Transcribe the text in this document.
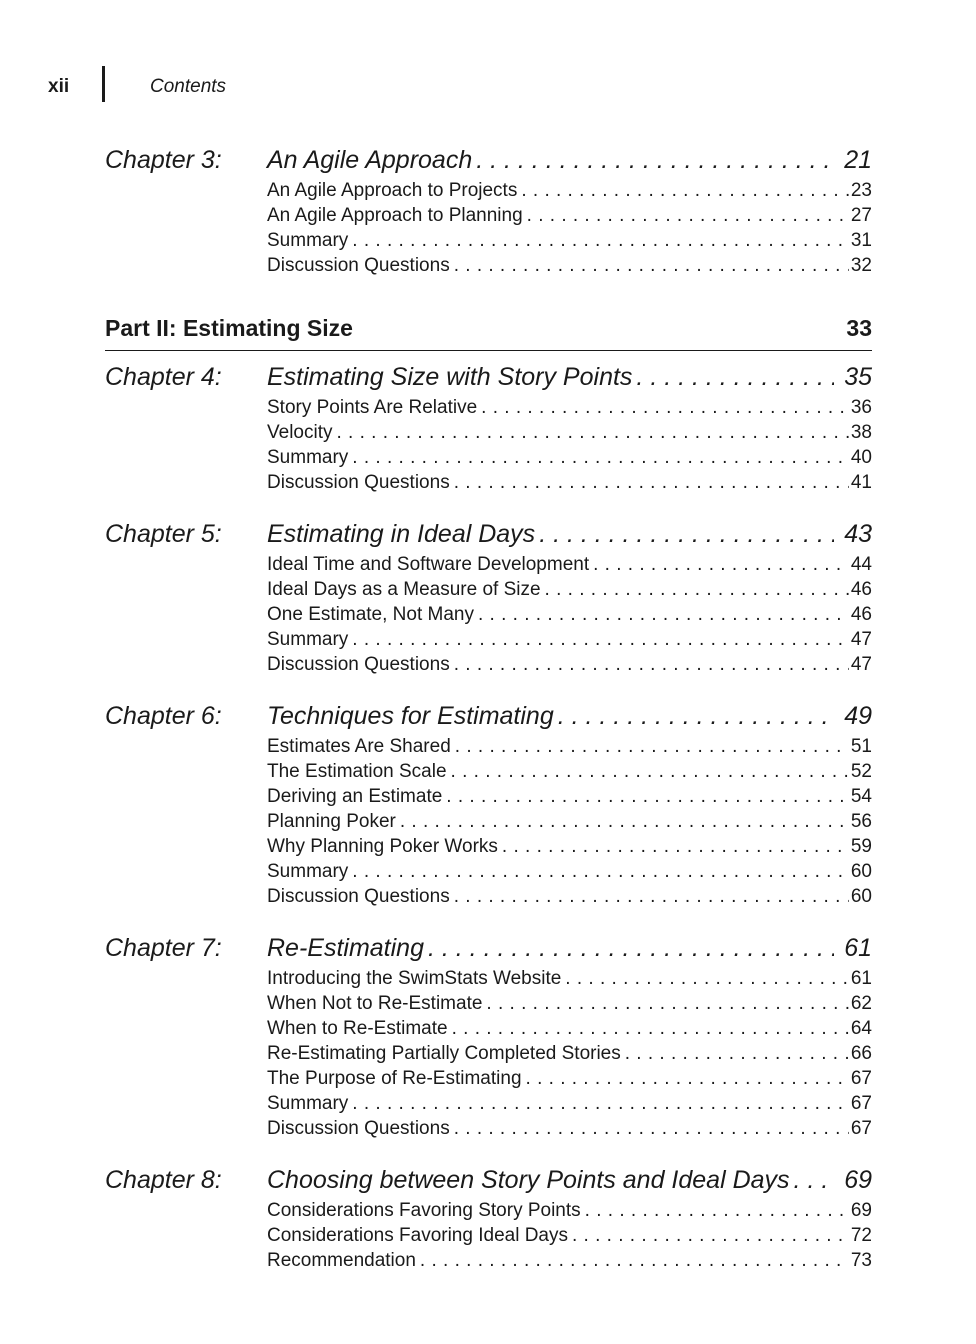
xii	Contents
Chapter 3:	An Agile Approach . . .	21
An Agile Approach to Projects . . .	23
An Agile Approach to Planning . . .	27
Summary . . .	31
Discussion Questions . . .	32
Part II: Estimating Size	33
Chapter 4:	Estimating Size with Story Points . . .	35
Story Points Are Relative . . .	36
Velocity . . .	38
Summary . . .	40
Discussion Questions . . .	41
Chapter 5:	Estimating in Ideal Days . . .	43
Ideal Time and Software Development . . .	44
Ideal Days as a Measure of Size . . .	46
One Estimate, Not Many . . .	46
Summary . . .	47
Discussion Questions . . .	47
Chapter 6:	Techniques for Estimating . . .	49
Estimates Are Shared . . .	51
The Estimation Scale . . .	52
Deriving an Estimate . . .	54
Planning Poker . . .	56
Why Planning Poker Works . . .	59
Summary . . .	60
Discussion Questions . . .	60
Chapter 7:	Re-Estimating . . .	61
Introducing the SwimStats Website . . .	61
When Not to Re-Estimate . . .	62
When to Re-Estimate . . .	64
Re-Estimating Partially Completed Stories . . .	66
The Purpose of Re-Estimating . . .	67
Summary . . .	67
Discussion Questions . . .	67
Chapter 8:	Choosing between Story Points and Ideal Days . . .	69
Considerations Favoring Story Points . . .	69
Considerations Favoring Ideal Days . . .	72
Recommendation . . .	73
